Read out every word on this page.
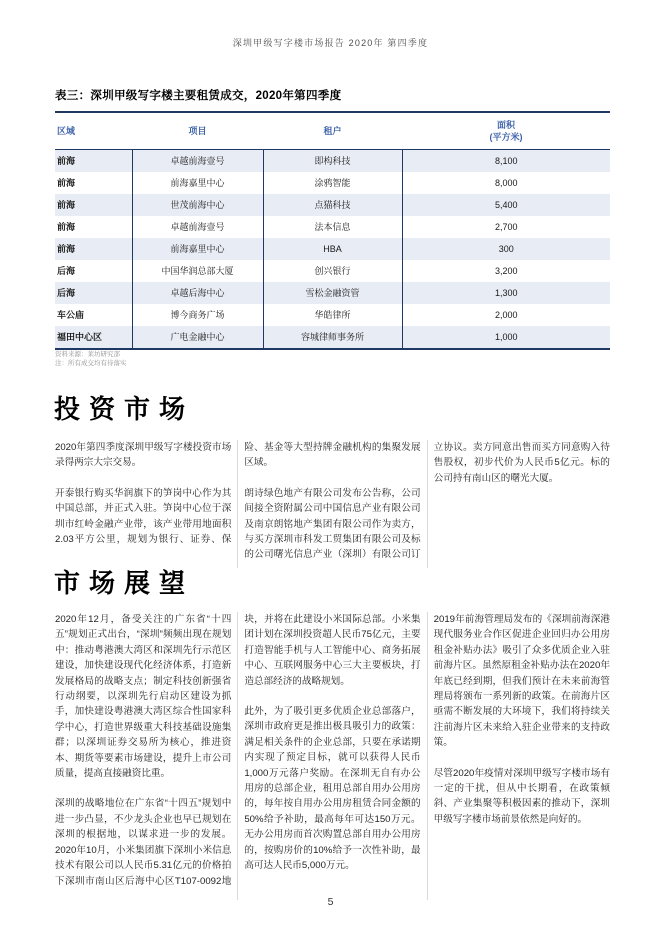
深圳甲级写字楼市场报告 2020年 第四季度
表三：深圳甲级写字楼主要租赁成交，2020年第四季度
区域	项目	租户	面积
(平方米)

前海	卓越前海壹号	即构科技	8,100
前海	前海嘉里中心	涂鸦智能	8,000
前海	世茂前海中心	点猫科技	5,400
前海	卓越前海壹号	法本信息	2,700
前海	前海嘉里中心	HBA	300
后海	中国华润总部大厦	创兴银行	3,200
后海	卓越后海中心	雪松金融资管	1,300
车公庙	博今商务广场	华皓律所	2,000
福田中心区	广电金融中心	容城律师事务所	1,000
资料来源：莱坊研究部
注：所有成交均有待落实
投资市场

2020年第四季度深圳甲级写字楼投资市场录得两宗大宗交易。

开泰银行购买华润旗下的笋岗中心作为其中国总部，并正式入驻。笋岗中心位于深圳市红岭金融产业带，该产业带用地面积2.03平方公里，规划为银行、证券、保险、基金等大型持牌金融机构的集聚发展区域。

朗诗绿色地产有限公司发布公告称，公司间接全资附属公司中国信息产业有限公司及南京朗铭地产集团有限公司作为卖方，与买方深圳市科发工贸集团有限公司及标的公司曙光信息产业（深圳）有限公司订立协议。卖方同意出售而买方同意购入待售股权，初步代价为人民币5亿元。标的公司持有南山区的曙光大厦。

市场展望

2020年12月，备受关注的广东省“十四五”规划正式出台，“深圳”频频出现在规划中：推动粤港澳大湾区和深圳先行示范区建设，加快建设现代化经济体系，打造新发展格局的战略支点；制定科技创新强省行动纲要，以深圳先行启动区建设为抓手，加快建设粤港澳大湾区综合性国家科学中心，打造世界级重大科技基础设施集群；以深圳证券交易所为核心，推进资本、期货等要素市场建设，提升上市公司质量，提高直接融资比重。

深圳的战略地位在广东省“十四五”规划中进一步凸显，不少龙头企业也早已规划在深圳的根据地，以谋求进一步的发展。2020年10月，小米集团旗下深圳小米信息技术有限公司以人民币5.31亿元的价格拍下深圳市南山区后海中心区T107-0092地块，并将在此建设小米国际总部。小米集团计划在深圳投资超人民币75亿元，主要打造智能手机与人工智能中心、商务拓展中心、互联网服务中心三大主要板块，打造总部经济的战略规划。

此外，为了吸引更多优质企业总部落户，深圳市政府更是推出极具吸引力的政策：满足相关条件的企业总部，只要在承诺期内实现了预定目标，就可以获得人民币1,000万元落户奖励。在深圳无自有办公用房的总部企业，租用总部自用办公用房的，每年按自用办公用房租赁合同金额的50%给予补助，最高每年可达150万元。无办公用房而首次购置总部自用办公用房的，按购房价的10%给予一次性补助，最高可达人民币5,000万元。

2019年前海管理局发布的《深圳前海深港现代服务业合作区促进企业回归办公用房租金补贴办法》吸引了众多优质企业入驻前海片区。虽然原租金补贴办法在2020年年底已经到期，但我们预计在未来前海管理局将颁布一系列新的政策。在前海片区亟需不断发展的大环境下，我们将持续关注前海片区未来给入驻企业带来的支持政策。

尽管2020年疫情对深圳甲级写字楼市场有一定的干扰，但从中长期看，在政策倾斜、产业集聚等积极因素的推动下，深圳甲级写字楼市场前景依然是向好的。

5
